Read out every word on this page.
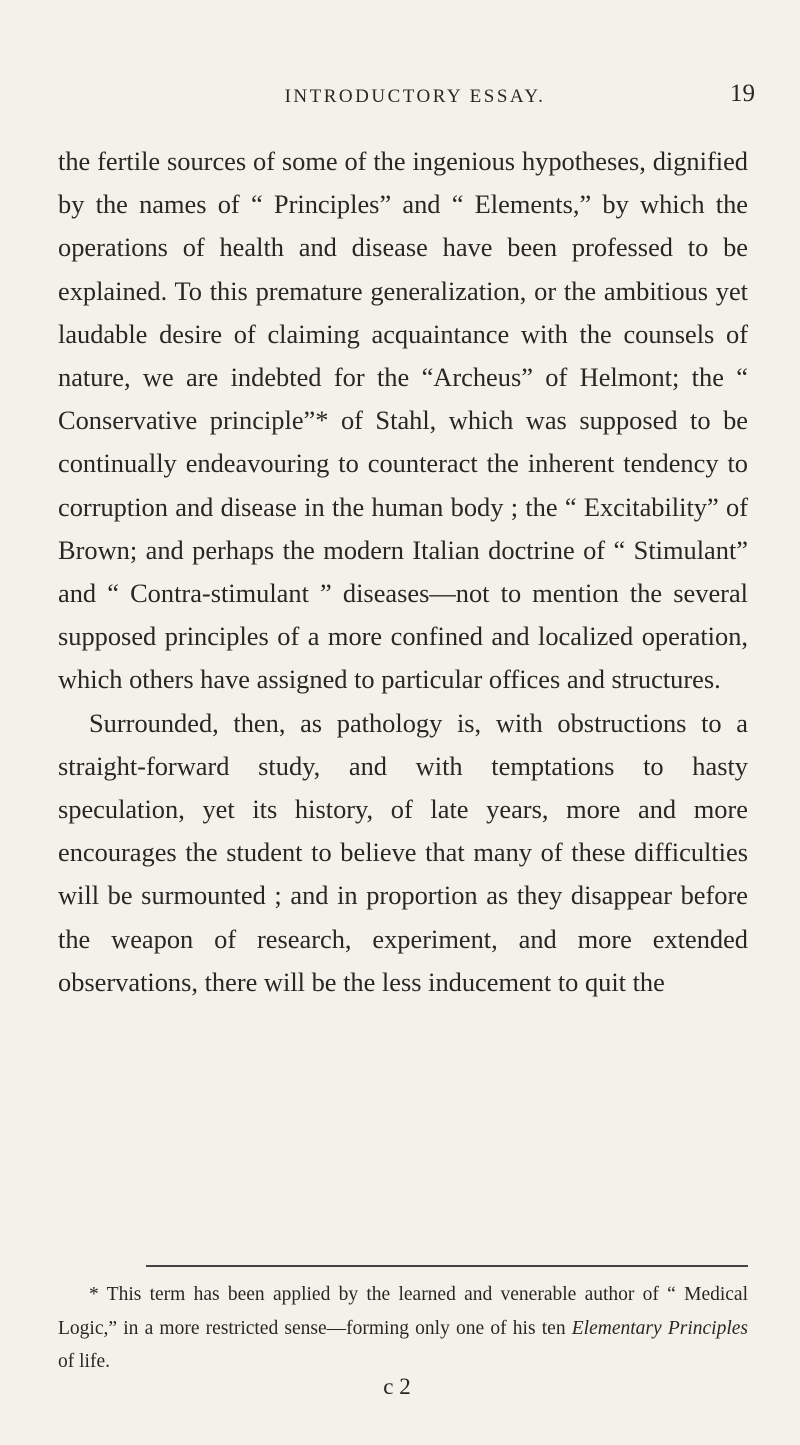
INTRODUCTORY ESSAY.	19

the fertile sources of some of the ingenious hypotheses, dignified by the names of “ Principles” and “ Elements,” by which the operations of health and disease have been professed to be explained. To this premature generalization, or the ambitious yet laudable desire of claiming acquaintance with the counsels of nature, we are indebted for the “Archeus” of Helmont; the “ Conservative principle”* of Stahl, which was supposed to be continually endeavouring to counteract the inherent tendency to corruption and disease in the human body ; the “ Excitability” of Brown; and perhaps the modern Italian doctrine of “ Stimulant” and “ Contra-stimulant ” diseases—not to mention the several supposed principles of a more confined and localized operation, which others have assigned to particular offices and structures.

Surrounded, then, as pathology is, with obstructions to a straight-forward study, and with temptations to hasty speculation, yet its history, of late years, more and more encourages the student to believe that many of these difficulties will be surmounted ; and in proportion as they disappear before the weapon of research, experiment, and more extended observations, there will be the less inducement to quit the

* This term has been applied by the learned and venerable author of “ Medical Logic,” in a more restricted sense—forming only one of his ten Elementary Principles of life.

c 2
